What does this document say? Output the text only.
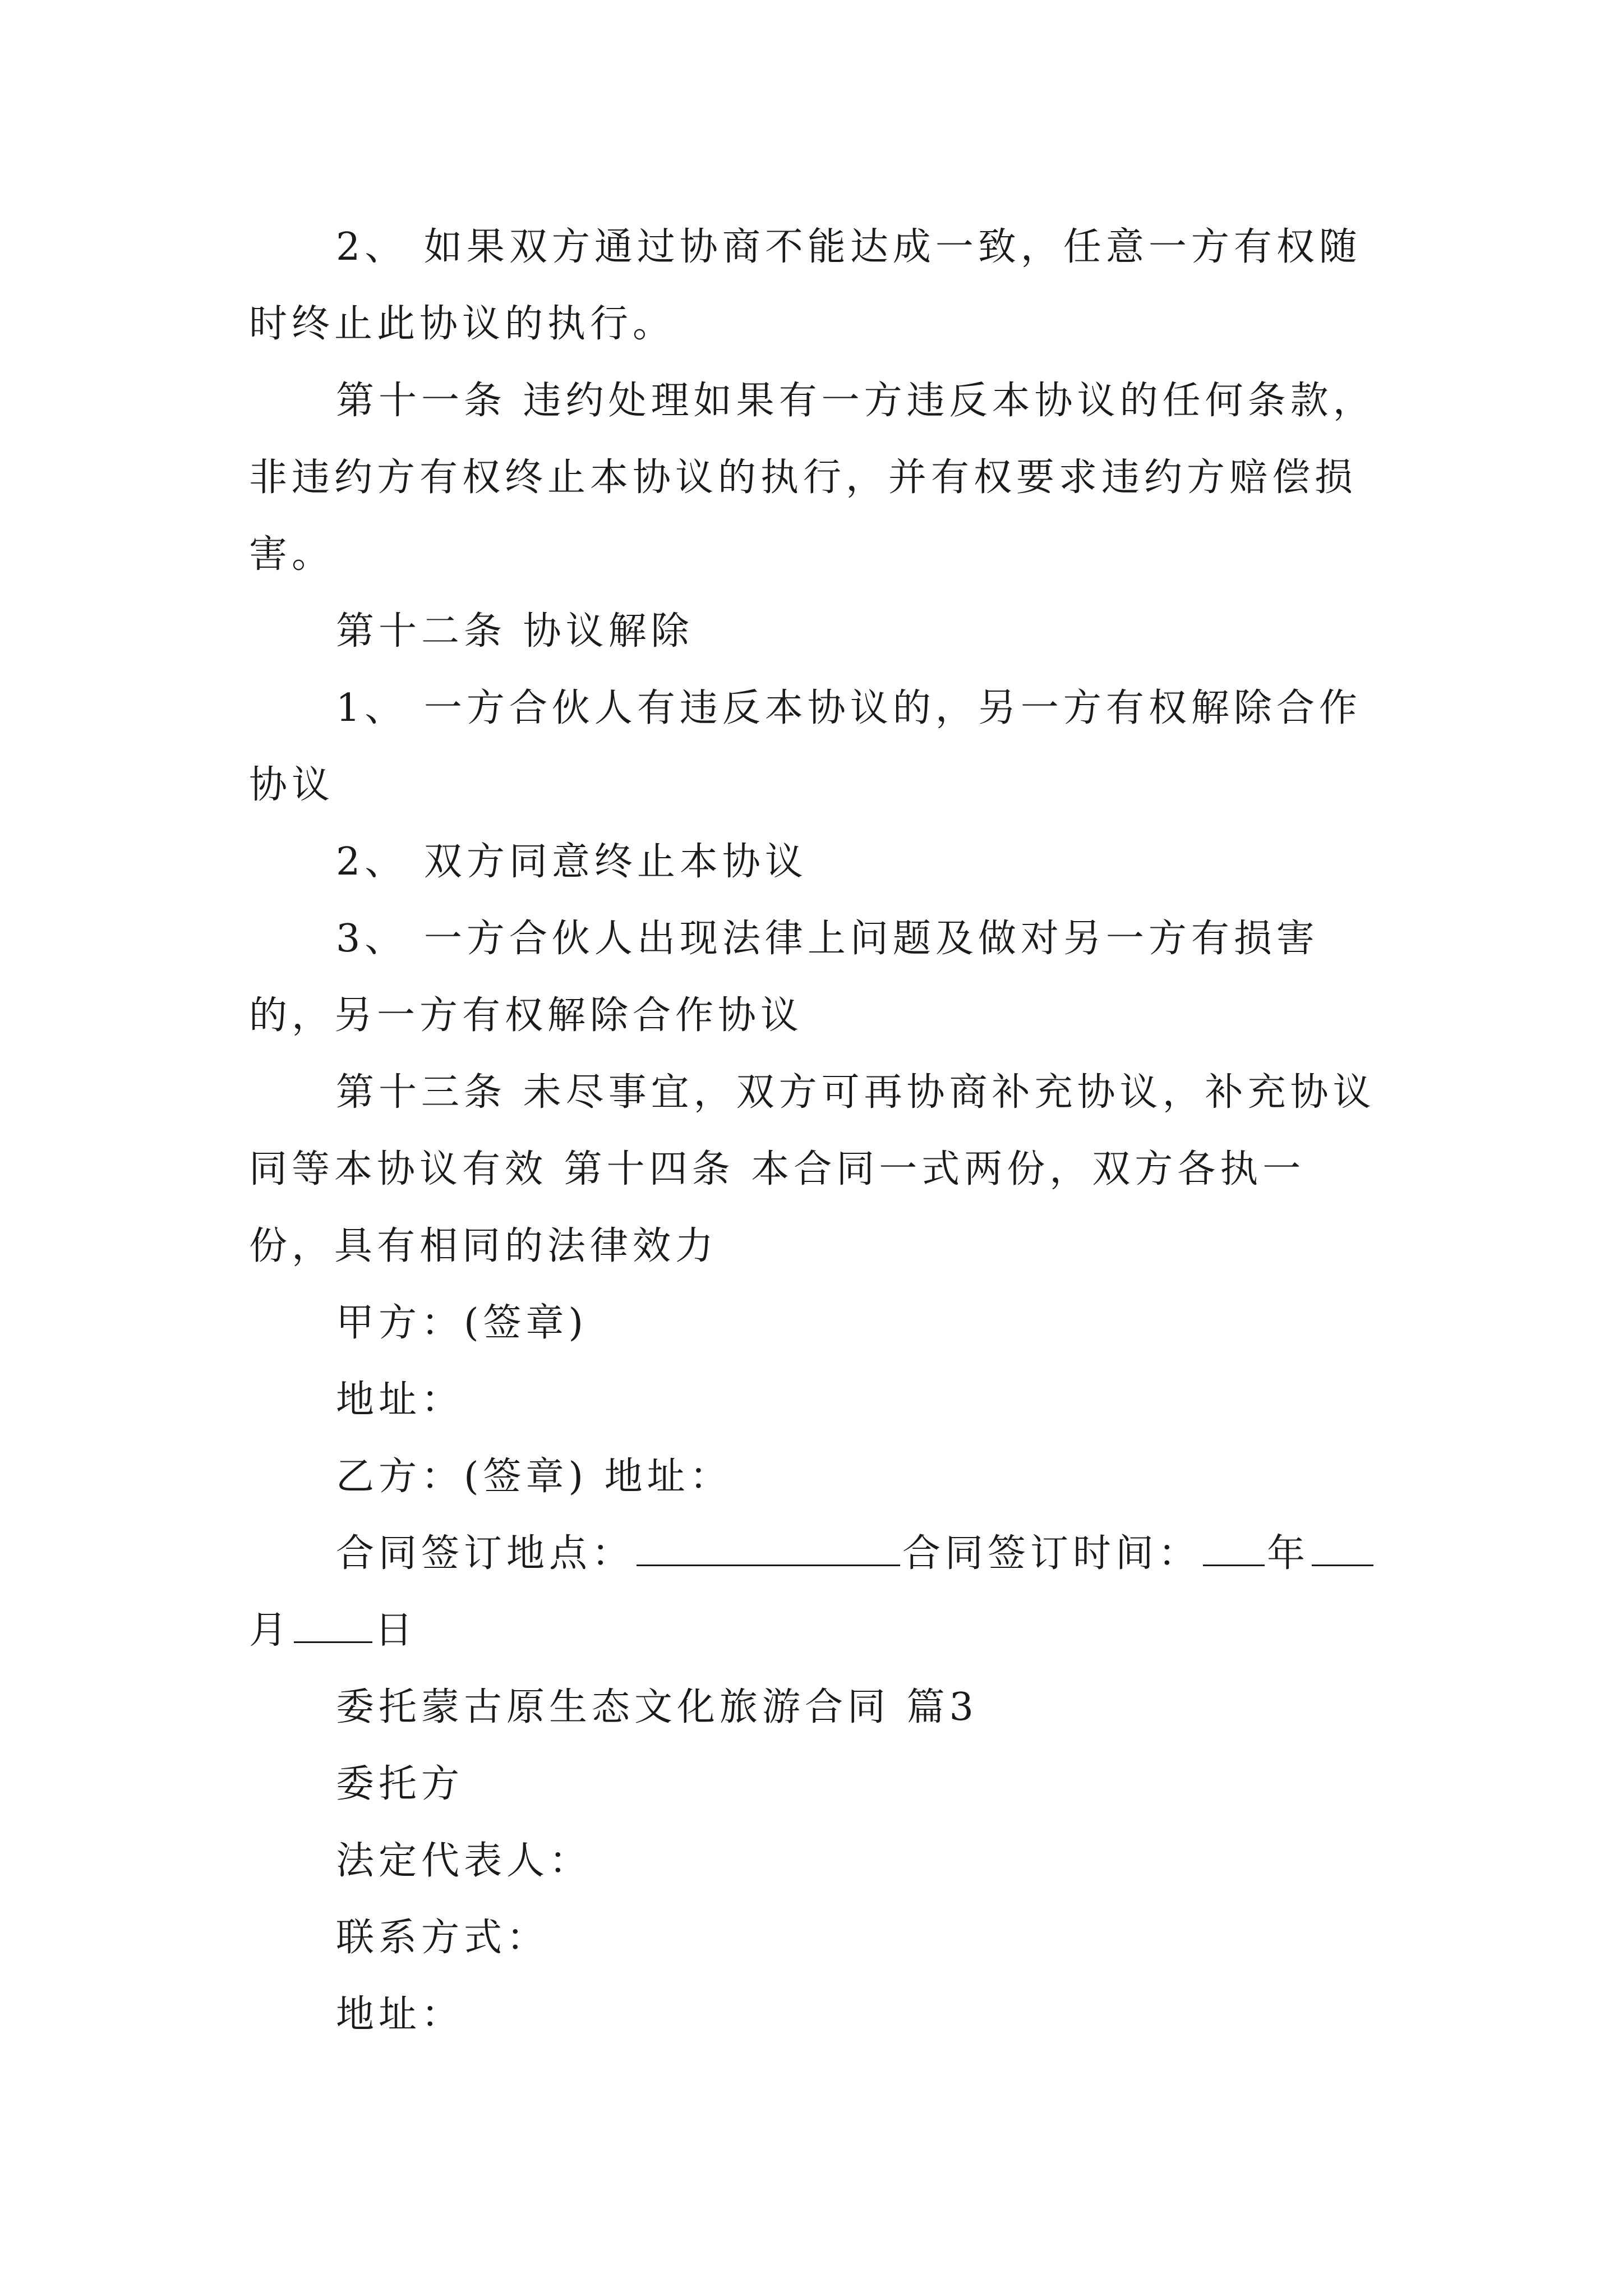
2、 如果双方通过协商不能达成一致，任意一方有权随时终止此协议的执行。

第十一条 违约处理如果有一方违反本协议的任何条款，非违约方有权终止本协议的执行，并有权要求违约方赔偿损害。

第十二条 协议解除

1、 一方合伙人有违反本协议的，另一方有权解除合作协议

2、 双方同意终止本协议

3、 一方合伙人出现法律上问题及做对另一方有损害的，另一方有权解除合作协议

第十三条 未尽事宜，双方可再协商补充协议，补充协议同等本协议有效 第十四条 本合同一式两份，双方各执一份，具有相同的法律效力

甲方：(签章)

地址：

乙方：(签章) 地址：

合同签订地点：	合同签订时间： 年月 日

委托蒙古原生态文化旅游合同 篇3

委托方

法定代表人：

联系方式：

地址：
